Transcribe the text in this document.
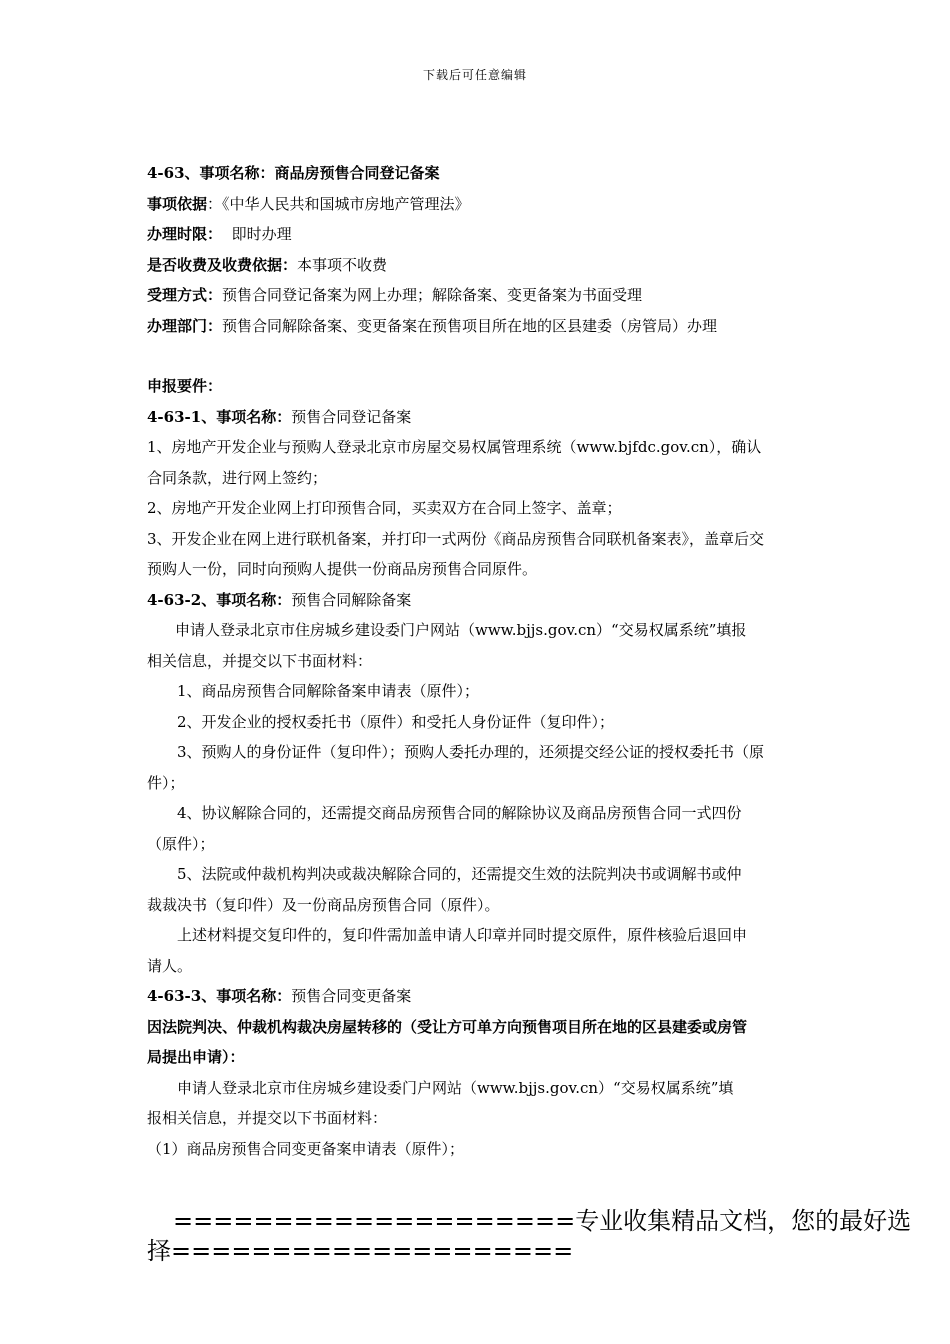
下载后可任意编辑
4-63、事项名称：商品房预售合同登记备案
事项依据：《中华人民共和国城市房地产管理法》
办理时限： 即时办理
是否收费及收费依据：本事项不收费
受理方式：预售合同登记备案为网上办理；解除备案、变更备案为书面受理
办理部门：预售合同解除备案、变更备案在预售项目所在地的区县建委（房管局）办理
申报要件：
4-63-1、事项名称：预售合同登记备案
1、房地产开发企业与预购人登录北京市房屋交易权属管理系统（www.bjfdc.gov.cn），确认
合同条款，进行网上签约；
2、房地产开发企业网上打印预售合同，买卖双方在合同上签字、盖章；
3、开发企业在网上进行联机备案，并打印一式两份《商品房预售合同联机备案表》，盖章后交
预购人一份，同时向预购人提供一份商品房预售合同原件。
4-63-2、事项名称：预售合同解除备案
申请人登录北京市住房城乡建设委门户网站（www.bjjs.gov.cn）“交易权属系统”填报
相关信息，并提交以下书面材料：
1、商品房预售合同解除备案申请表（原件）；
2、开发企业的授权委托书（原件）和受托人身份证件（复印件）；
3、预购人的身份证件（复印件）；预购人委托办理的，还须提交经公证的授权委托书（原
件）；
4、协议解除合同的，还需提交商品房预售合同的解除协议及商品房预售合同一式四份
（原件）；
5、法院或仲裁机构判决或裁决解除合同的，还需提交生效的法院判决书或调解书或仲
裁裁决书（复印件）及一份商品房预售合同（原件）。
上述材料提交复印件的，复印件需加盖申请人印章并同时提交原件，原件核验后退回申
请人。
4-63-3、事项名称：预售合同变更备案
因法院判决、仲裁机构裁决房屋转移的（受让方可单方向预售项目所在地的区县建委或房管
局提出申请）：
申请人登录北京市住房城乡建设委门户网站（www.bjjs.gov.cn）“交易权属系统”填
报相关信息，并提交以下书面材料：
（1）商品房预售合同变更备案申请表（原件）；
====================专业收集精品文档，您的最好选
择====================
